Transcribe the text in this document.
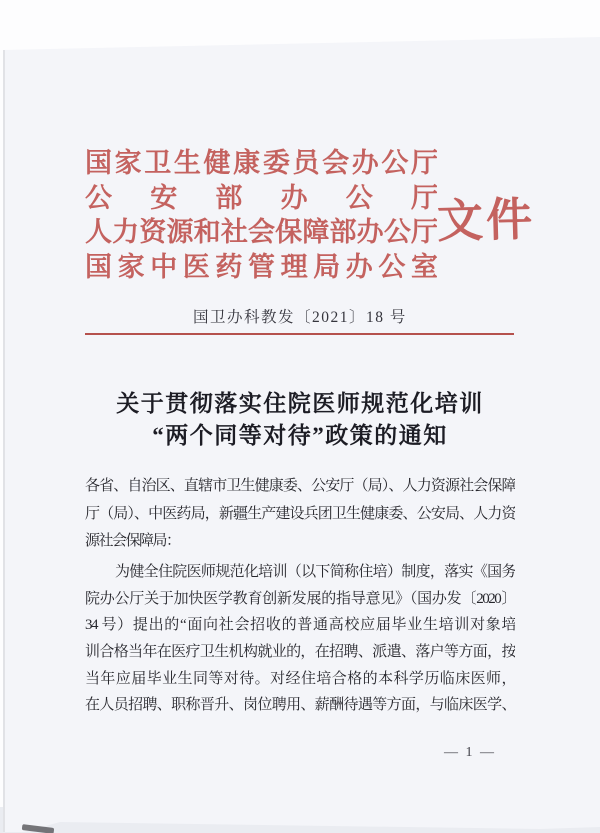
国家卫生健康委员会办公厅
公安部办公厅
人力资源和社会保障部办公厅
国家中医药管理局办公室
文件
国卫办科教发〔2021〕18 号
关于贯彻落实住院医师规范化培训
“两个同等对待”政策的通知
各省、自治区、直辖市卫生健康委、公安厅（局）、人力资源社会保障
厅（局）、中医药局，新疆生产建设兵团卫生健康委、公安局、人力资
源社会保障局：
为健全住院医师规范化培训（以下简称住培）制度，落实《国务
院办公厅关于加快医学教育创新发展的指导意见》（国办发〔2020〕
34 号）提出的“面向社会招收的普通高校应届毕业生培训对象培
训合格当年在医疗卫生机构就业的，在招聘、派遣、落户等方面，按
当年应届毕业生同等对待。对经住培合格的本科学历临床医师，
在人员招聘、职称晋升、岗位聘用、薪酬待遇等方面，与临床医学、
— 1 —
